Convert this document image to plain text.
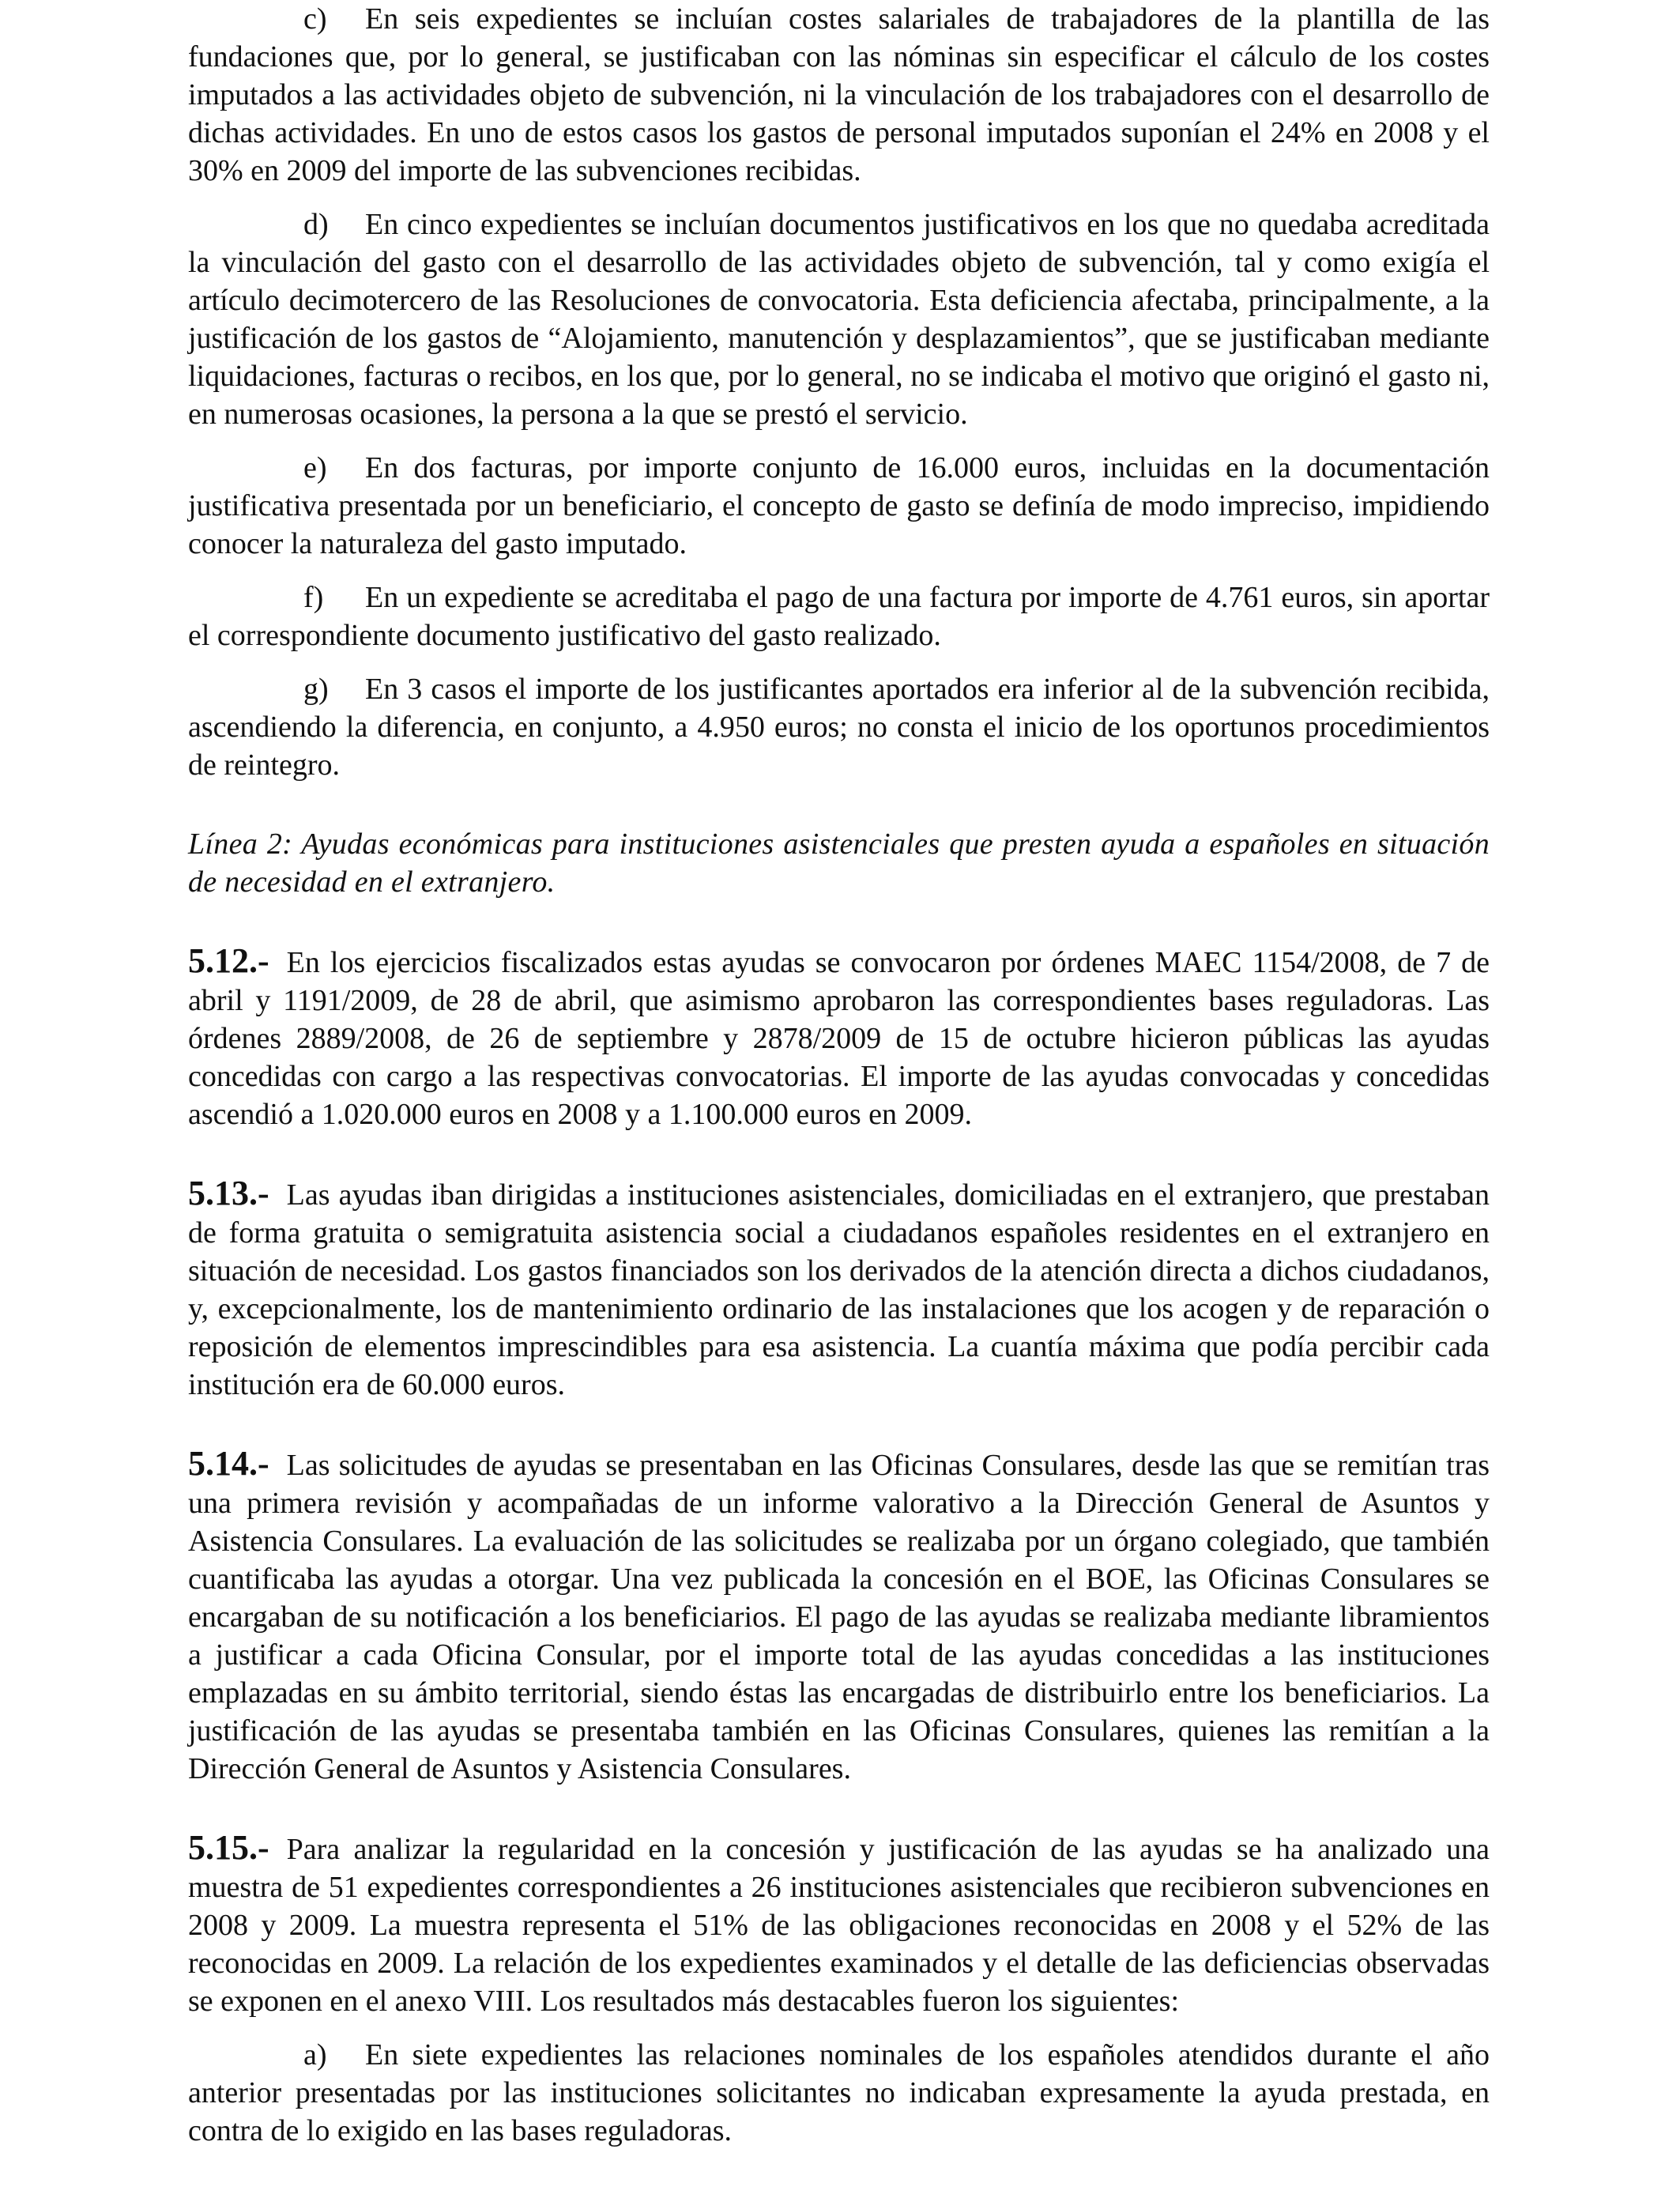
c) En seis expedientes se incluían costes salariales de trabajadores de la plantilla de las fundaciones que, por lo general, se justificaban con las nóminas sin especificar el cálculo de los costes imputados a las actividades objeto de subvención, ni la vinculación de los trabajadores con el desarrollo de dichas actividades. En uno de estos casos los gastos de personal imputados suponían el 24% en 2008 y el 30% en 2009 del importe de las subvenciones recibidas.

d) En cinco expedientes se incluían documentos justificativos en los que no quedaba acreditada la vinculación del gasto con el desarrollo de las actividades objeto de subvención, tal y como exigía el artículo decimotercero de las Resoluciones de convocatoria. Esta deficiencia afectaba, principalmente, a la justificación de los gastos de “Alojamiento, manutención y desplazamientos”, que se justificaban mediante liquidaciones, facturas o recibos, en los que, por lo general, no se indicaba el motivo que originó el gasto ni, en numerosas ocasiones, la persona a la que se prestó el servicio.

e) En dos facturas, por importe conjunto de 16.000 euros, incluidas en la documentación justificativa presentada por un beneficiario, el concepto de gasto se definía de modo impreciso, impidiendo conocer la naturaleza del gasto imputado.

f) En un expediente se acreditaba el pago de una factura por importe de 4.761 euros, sin aportar el correspondiente documento justificativo del gasto realizado.

g) En 3 casos el importe de los justificantes aportados era inferior al de la subvención recibida, ascendiendo la diferencia, en conjunto, a 4.950 euros; no consta el inicio de los oportunos procedimientos de reintegro.

Línea 2: Ayudas económicas para instituciones asistenciales que presten ayuda a españoles en situación de necesidad en el extranjero.

5.12.- En los ejercicios fiscalizados estas ayudas se convocaron por órdenes MAEC 1154/2008, de 7 de abril y 1191/2009, de 28 de abril, que asimismo aprobaron las correspondientes bases reguladoras. Las órdenes 2889/2008, de 26 de septiembre y 2878/2009 de 15 de octubre hicieron públicas las ayudas concedidas con cargo a las respectivas convocatorias. El importe de las ayudas convocadas y concedidas ascendió a 1.020.000 euros en 2008 y a 1.100.000 euros en 2009.

5.13.- Las ayudas iban dirigidas a instituciones asistenciales, domiciliadas en el extranjero, que prestaban de forma gratuita o semigratuita asistencia social a ciudadanos españoles residentes en el extranjero en situación de necesidad. Los gastos financiados son los derivados de la atención directa a dichos ciudadanos, y, excepcionalmente, los de mantenimiento ordinario de las instalaciones que los acogen y de reparación o reposición de elementos imprescindibles para esa asistencia. La cuantía máxima que podía percibir cada institución era de 60.000 euros.

5.14.- Las solicitudes de ayudas se presentaban en las Oficinas Consulares, desde las que se remitían tras una primera revisión y acompañadas de un informe valorativo a la Dirección General de Asuntos y Asistencia Consulares. La evaluación de las solicitudes se realizaba por un órgano colegiado, que también cuantificaba las ayudas a otorgar. Una vez publicada la concesión en el BOE, las Oficinas Consulares se encargaban de su notificación a los beneficiarios. El pago de las ayudas se realizaba mediante libramientos a justificar a cada Oficina Consular, por el importe total de las ayudas concedidas a las instituciones emplazadas en su ámbito territorial, siendo éstas las encargadas de distribuirlo entre los beneficiarios. La justificación de las ayudas se presentaba también en las Oficinas Consulares, quienes las remitían a la Dirección General de Asuntos y Asistencia Consulares.

5.15.- Para analizar la regularidad en la concesión y justificación de las ayudas se ha analizado una muestra de 51 expedientes correspondientes a 26 instituciones asistenciales que recibieron subvenciones en 2008 y 2009. La muestra representa el 51% de las obligaciones reconocidas en 2008 y el 52% de las reconocidas en 2009. La relación de los expedientes examinados y el detalle de las deficiencias observadas se exponen en el anexo VIII. Los resultados más destacables fueron los siguientes:

a) En siete expedientes las relaciones nominales de los españoles atendidos durante el año anterior presentadas por las instituciones solicitantes no indicaban expresamente la ayuda prestada, en contra de lo exigido en las bases reguladoras.
